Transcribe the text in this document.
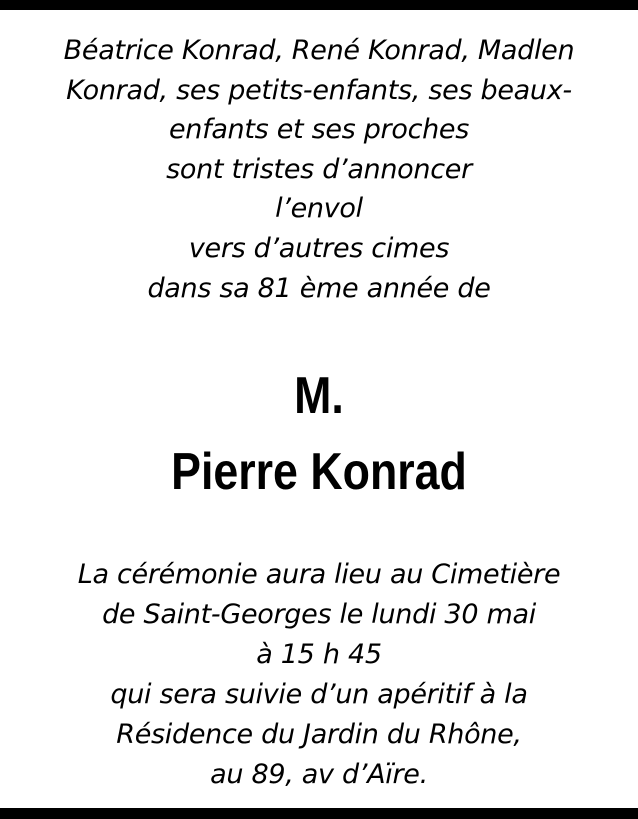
Béatrice Konrad, René Konrad, Madlen
Konrad, ses petits-enfants, ses beaux-
enfants et ses proches
sont tristes d’annoncer
l’envol
vers d’autres cimes
dans sa 81 ème année de
M.
Pierre Konrad
La cérémonie aura lieu au Cimetière
de Saint-Georges le lundi 30 mai
à 15 h 45
qui sera suivie d’un apéritif à la
Résidence du Jardin du Rhône,
au 89, av d’Aïre.
